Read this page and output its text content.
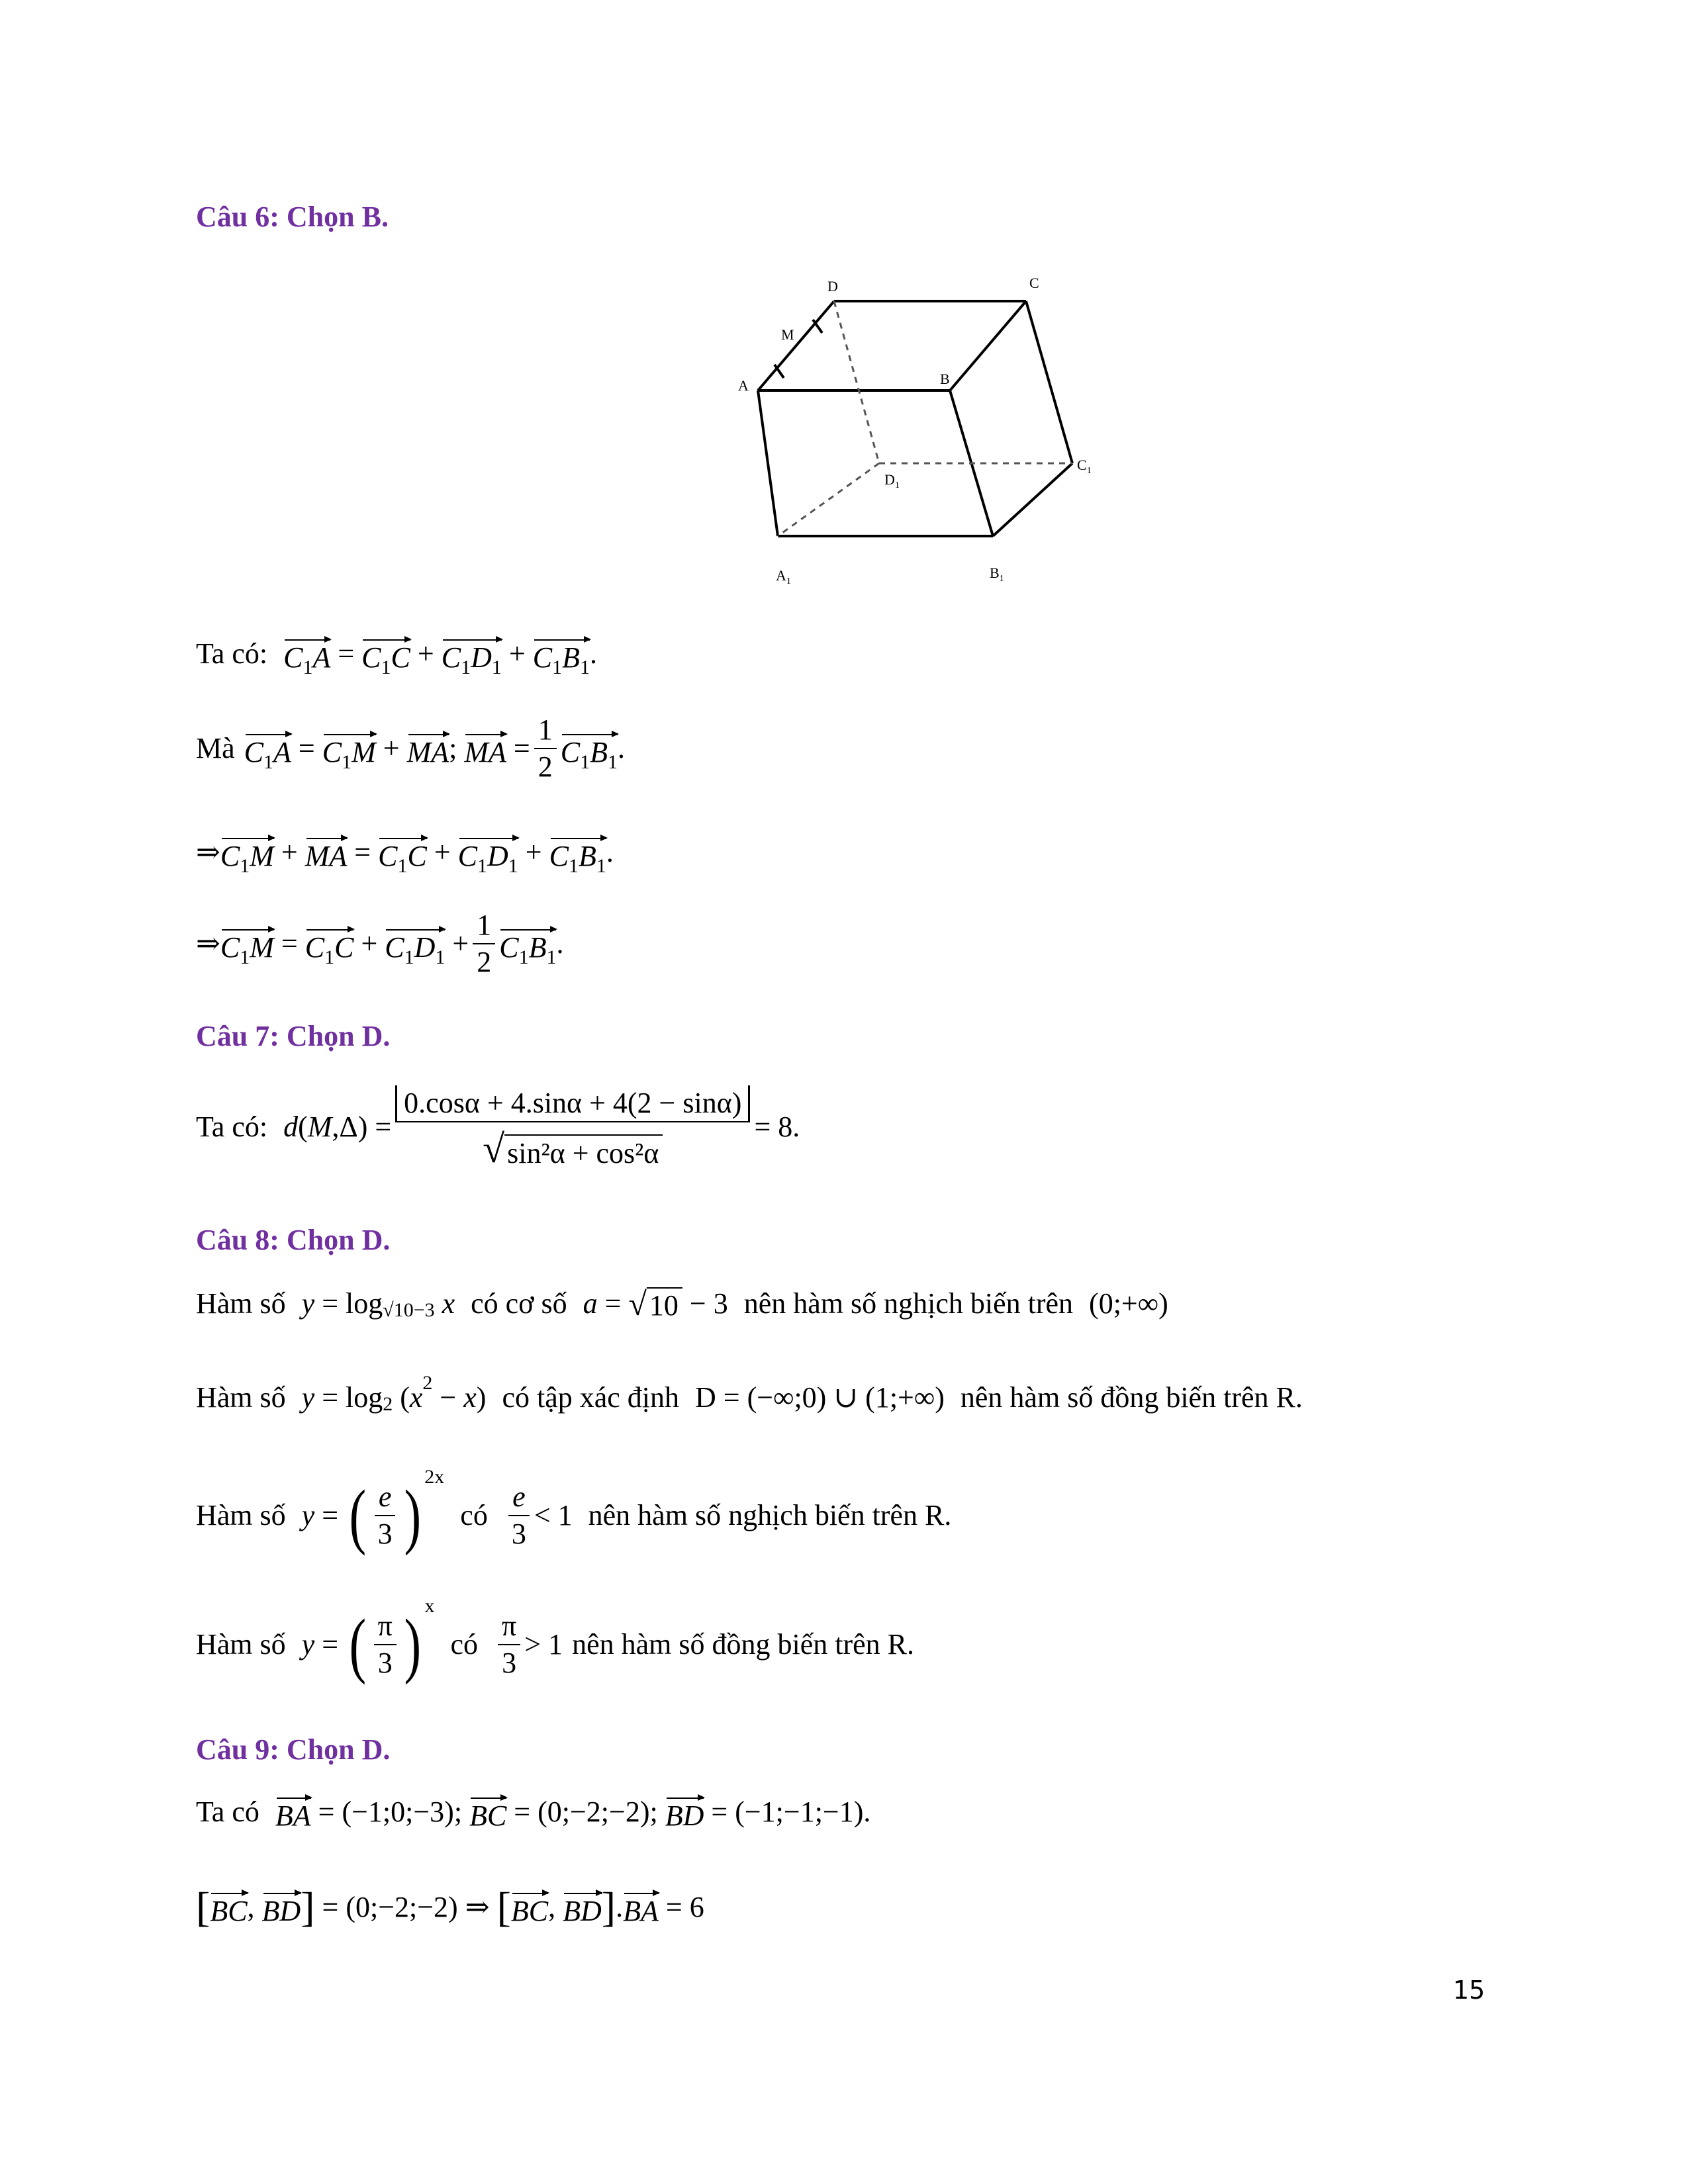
Câu 6: Chọn B.
D	C
M
A	B
$C_1$
$D_1$
$A_1$
$B_1$
Ta có: $C_1A = C_1C + C_1D_1 + C_1B_1$ .
Mà $C_1A = C_1M$ + MA ; MA = $\frac{1}{2} C_1B_1$ .
⇒ $C_1M$ + MA = $C_1C + C_1D_1 + C_1B_1$ .
⇒ $C_1M = C_1C + C_1D_1 + \frac{1}{2} C_1B_1$ .
Câu 7: Chọn D.
Ta có: d ( M $,\Delta) = \frac{0.\cos\alpha + 4.\sin\alpha + 4(2 - \sin\alpha)}{\text{√ sin²α + cos²α}} = 8$.
Câu 8: Chọn D.
Hàm số y = log √10−3
x có cơ số a = √ 10 − 3 nên hàm số nghịch biến trên (0;+∞)
Hàm số y = log 2 ( x 2 − x ) có tập xác định D = (−∞;0) ∪ (1;+∞) nên hàm số đồng biến trên R.
Hàm số y = ( $\frac{e}{3}$ ) 2x
có $\frac{e}{3} < 1$ nên hàm số nghịch biến trên R.
Hàm số y = ( $\frac{\pi}{3}$ ) x
có $\frac{\pi}{3} > 1$ nên hàm số đồng biến trên R.
Câu 9: Chọn D.
Ta có BA
= (−1;0;−3);
BC
= (0;−2;−2);
BD
= (−1;−1;−1).
[ BC , BD ]
= (0;−2;−2) ⇒
[ BC , BD ] . BA
= 6
15
